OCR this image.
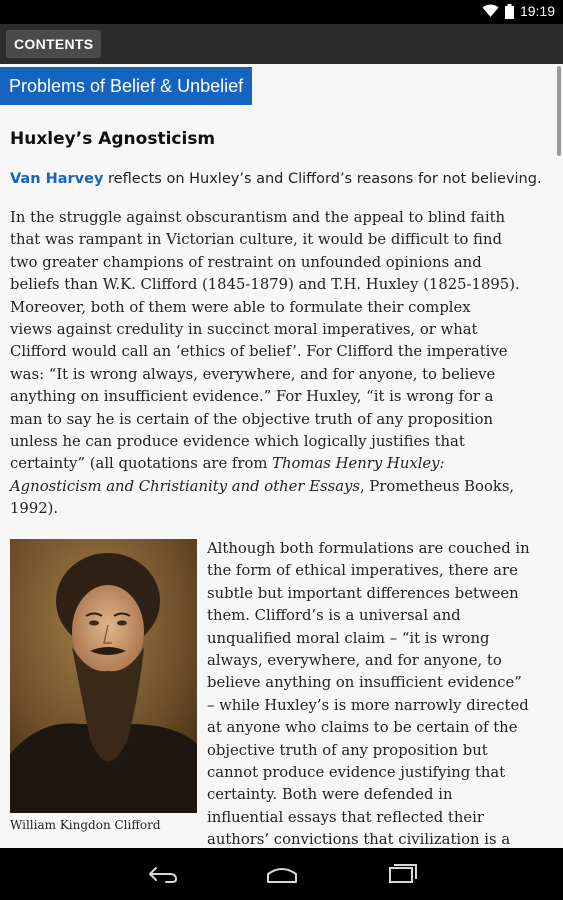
19:19
CONTENTS
Problems of Belief & Unbelief
Huxley’s Agnosticism
Van Harvey reflects on Huxley’s and Clifford’s reasons for not believing.
In the struggle against obscurantism and the appeal to blind faith
that was rampant in Victorian culture, it would be difficult to find
two greater champions of restraint on unfounded opinions and
beliefs than W.K. Clifford (1845-1879) and T.H. Huxley (1825-1895).
Moreover, both of them were able to formulate their complex
views against credulity in succinct moral imperatives, or what
Clifford would call an ‘ethics of belief’. For Clifford the imperative
was: “It is wrong always, everywhere, and for anyone, to believe
anything on insufficient evidence.” For Huxley, “it is wrong for a
man to say he is certain of the objective truth of any proposition
unless he can produce evidence which logically justifies that
certainty” (all quotations are from Thomas Henry Huxley:
Agnosticism and Christianity and other Essays, Prometheus Books,
1992).
William Kingdon Clifford
Although both formulations are couched in
the form of ethical imperatives, there are
subtle but important differences between
them. Clifford’s is a universal and
unqualified moral claim – “it is wrong
always, everywhere, and for anyone, to
believe anything on insufficient evidence”
– while Huxley’s is more narrowly directed
at anyone who claims to be certain of the
objective truth of any proposition but
cannot produce evidence justifying that
certainty. Both were defended in
influential essays that reflected their
authors’ convictions that civilization is a
